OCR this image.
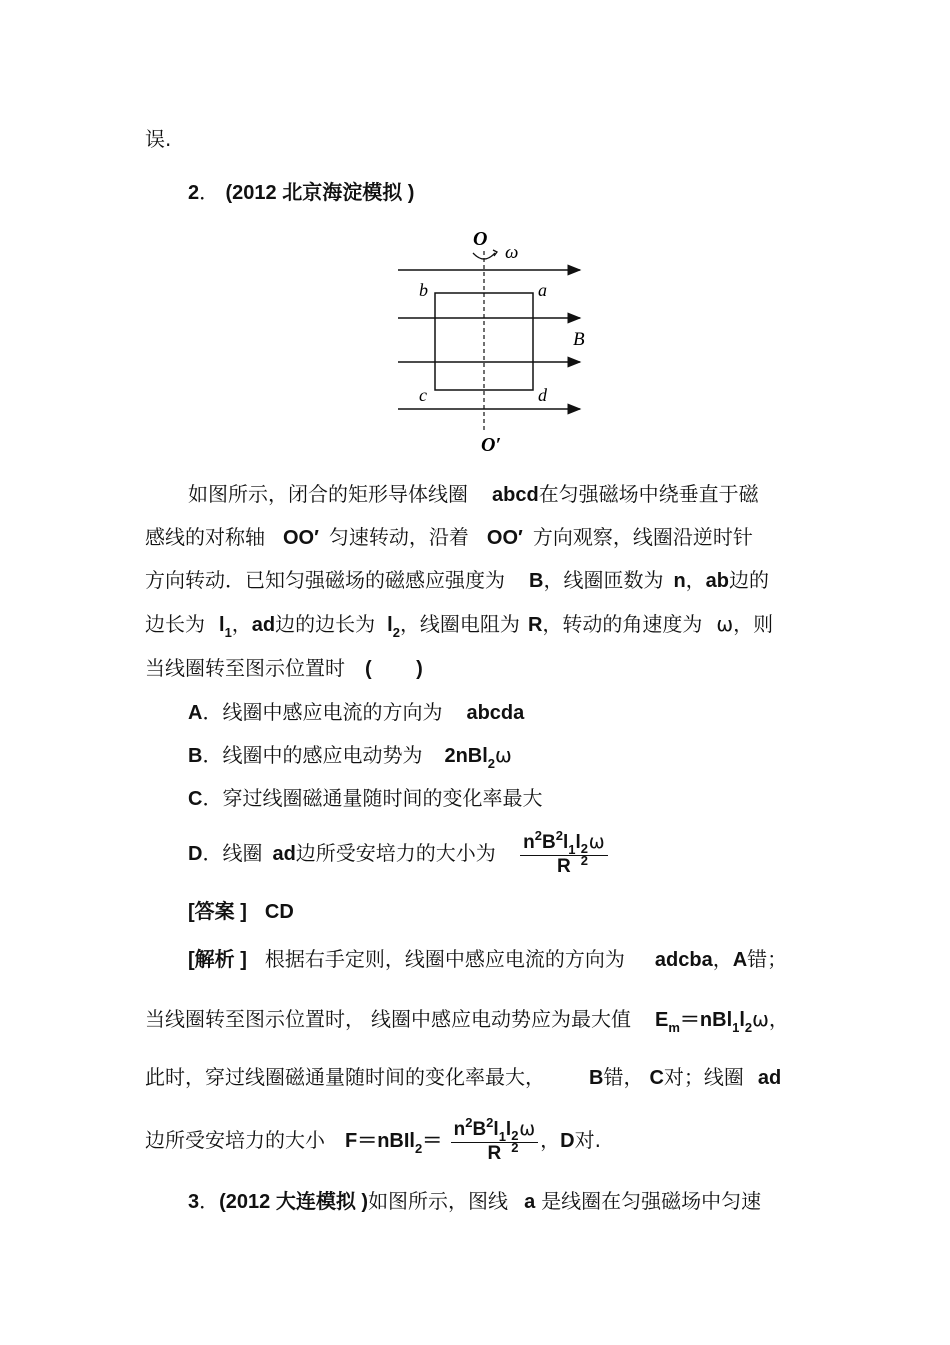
误.
2． (2012 北京海淀模拟 )
O
ω
b	a
B
c	d
O′
如图所示，闭合的矩形导体线圈 abcd在匀强磁场中绕垂直于磁
感线的对称轴 OO′ 匀速转动，沿着 OO′ 方向观察，线圈沿逆时针
方向转动．已知匀强磁场的磁感应强度为 B，线圈匝数为 n，ab边的
边长为 $l_1$，ad边的边长为 $l_2$，线圈电阻为 R，转动的角速度为 ω，则
当线圈转至图示位置时 (        )
A．线圈中感应电流的方向为 abcda
B．线圈中的感应电动势为 2nBl$_2$ω
C．穿过线圈磁通量随时间的变化率最大
D．线圈 ad边所受安培力的大小为 $n^2B^2l_1l$ 2
2
ω
R
[答案 ] CD
[解析 ] 根据右手定则，线圈中感应电流的方向为 adcba，A错；
当线圈转至图示位置时， 线圈中感应电动势应为最大值 $E_m=nBl_1l_2\omega$，
此时，穿过线圈磁通量随时间的变化率最大， B错， C对；线圈 ad
边所受安培力的大小 F＝nBIl$_2$＝ $n^2B^2l_1l$ 2
2
ω
R ，D对.
3．(2012 大连模拟 )如图所示，图线 a 是线圈在匀强磁场中匀速
